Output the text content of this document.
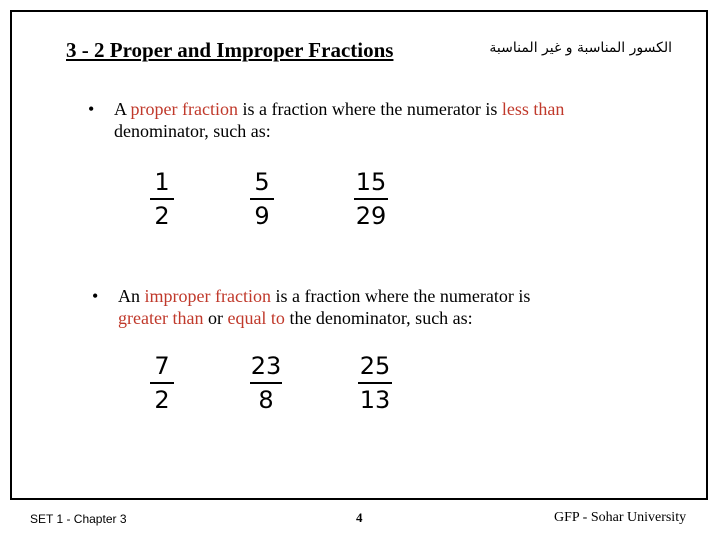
3 - 2 Proper and Improper Fractions	الكسور المناسبة و غير المناسبة
• A proper fraction is a fraction where the numerator is less than
denominator, such as:
1
2
5
9
15
29
• An improper fraction is a fraction where the numerator is
greater than or equal to the denominator, such as:
7
2
23
8
25
13
SET 1 - Chapter 3	4	GFP - Sohar University
